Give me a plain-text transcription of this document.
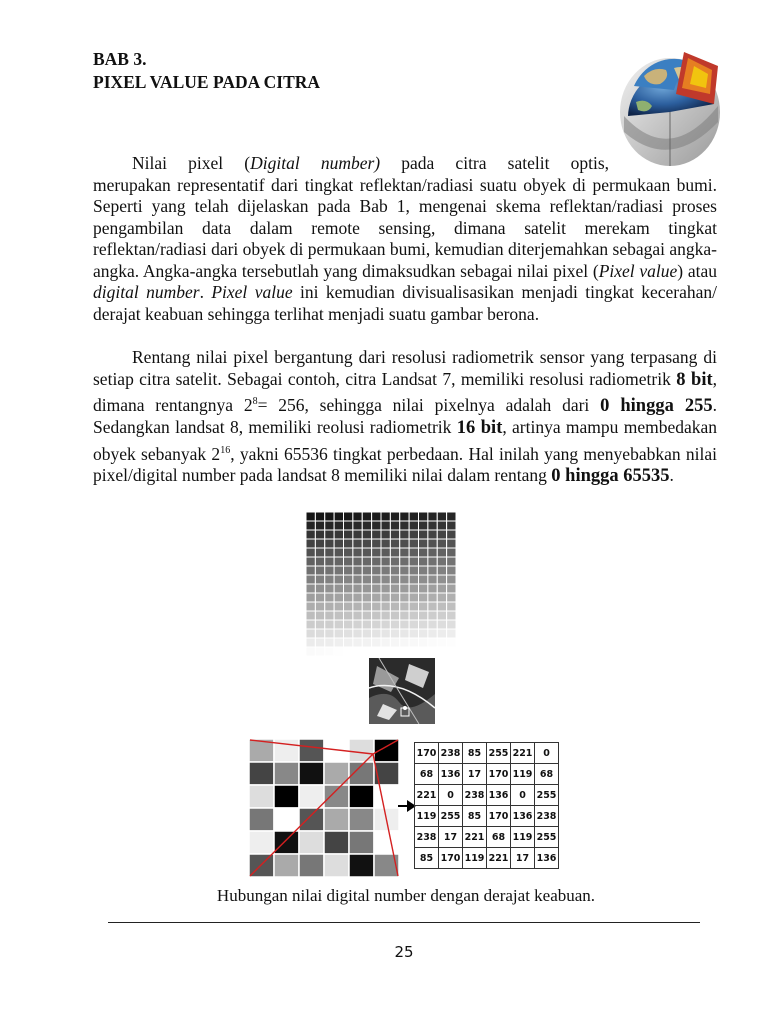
BAB 3.
PIXEL VALUE PADA CITRA

Nilai pixel (Digital number) pada citra satelit optis,

merupakan representatif dari tingkat reflektan/radiasi suatu obyek di permukaan bumi. Seperti yang telah dijelaskan pada Bab 1, mengenai skema reflektan/radiasi proses pengambilan data dalam remote sensing, dimana satelit merekam tingkat reflektan/radiasi dari obyek di permukaan bumi, kemudian diterjemahkan sebagai angka-angka. Angka-angka tersebutlah yang dimaksudkan sebagai nilai pixel (Pixel value) atau digital number. Pixel value ini kemudian divisualisasikan menjadi tingkat kecerahan/ derajat keabuan sehingga terlihat menjadi suatu gambar berona.

Rentang nilai pixel bergantung dari resolusi radiometrik sensor yang terpasang di setiap citra satelit. Sebagai contoh, citra Landsat 7, memiliki resolusi radiometrik 8 bit, dimana rentangnya $2^8= 256$, sehingga nilai pixelnya adalah dari 0 hingga 255. Sedangkan landsat 8, memiliki reolusi radiometrik 16 bit, artinya mampu membedakan obyek sebanyak $2^{16}$, yakni 65536 tingkat perbedaan. Hal inilah yang menyebabkan nilai pixel/digital number pada landsat 8 memiliki nilai dalam rentang 0 hingga 65535.

170	238	85	255	221	0
68	136	17	170	119	68
221	0	238	136	0	255
119	255	85	170	136	238
238	17	221	68	119	255
85	170	119	221	17	136
Hubungan nilai digital number dengan derajat keabuan.
25
